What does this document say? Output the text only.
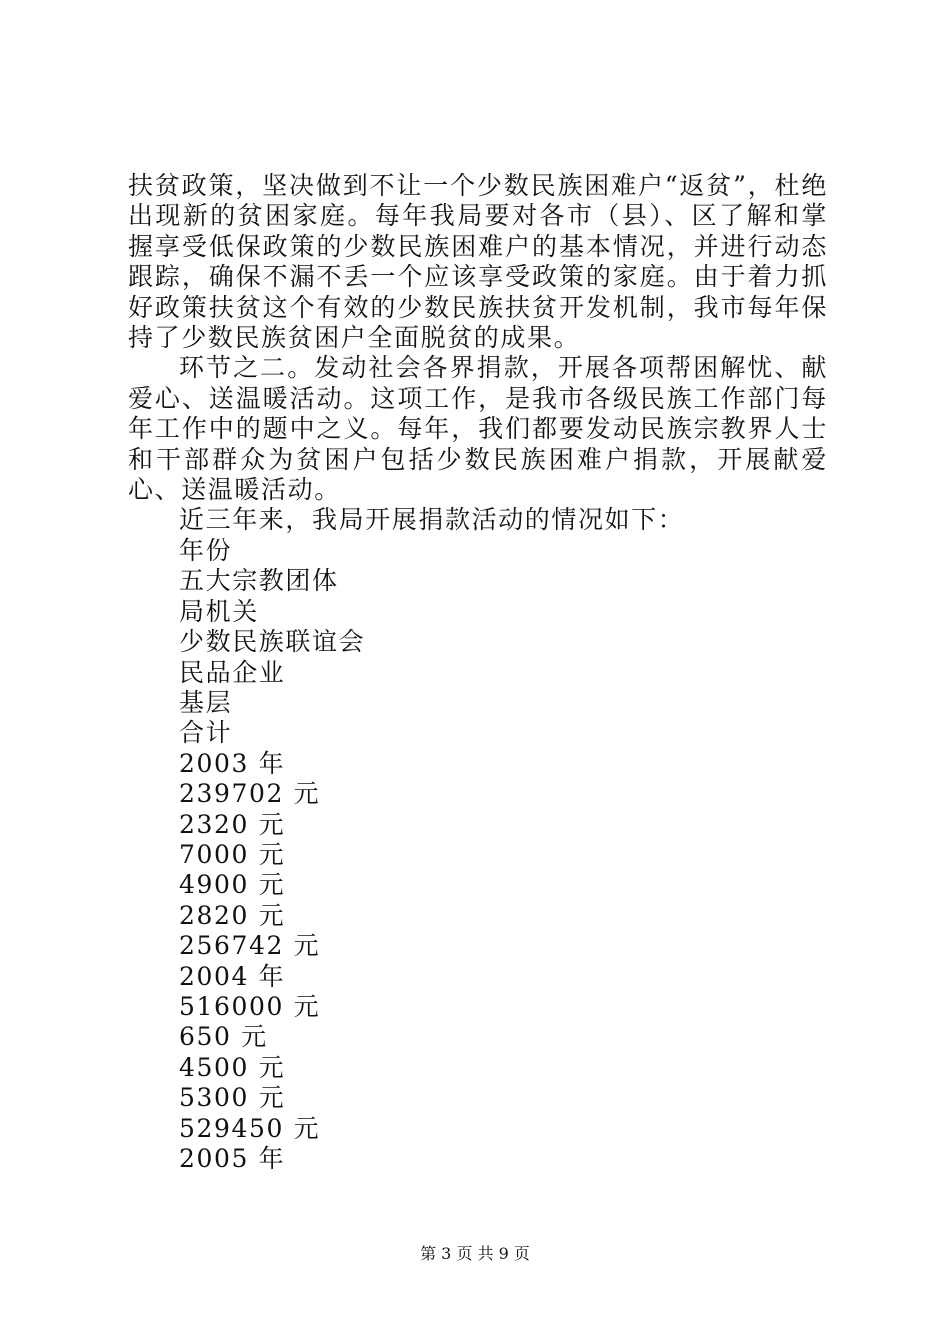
扶贫政策，坚决做到不让一个少数民族困难户“返贫”，杜绝出现新的贫困家庭。每年我局要对各市（县）、区了解和掌握享受低保政策的少数民族困难户的基本情况，并进行动态跟踪，确保不漏不丢一个应该享受政策的家庭。由于着力抓好政策扶贫这个有效的少数民族扶贫开发机制，我市每年保持了少数民族贫困户全面脱贫的成果。

环节之二。发动社会各界捐款，开展各项帮困解忧、献爱心、送温暖活动。这项工作，是我市各级民族工作部门每年工作中的题中之义。每年，我们都要发动民族宗教界人士和干部群众为贫困户包括少数民族困难户捐款，开展献爱心、送温暖活动。

近三年来，我局开展捐款活动的情况如下：

年份

五大宗教团体

局机关

少数民族联谊会

民品企业

基层

合计

2003 年

239702 元

2320 元

7000 元

4900 元

2820 元

256742 元

2004 年

516000 元

650 元

4500 元

5300 元

529450 元

2005 年

第 3 页 共 9 页
